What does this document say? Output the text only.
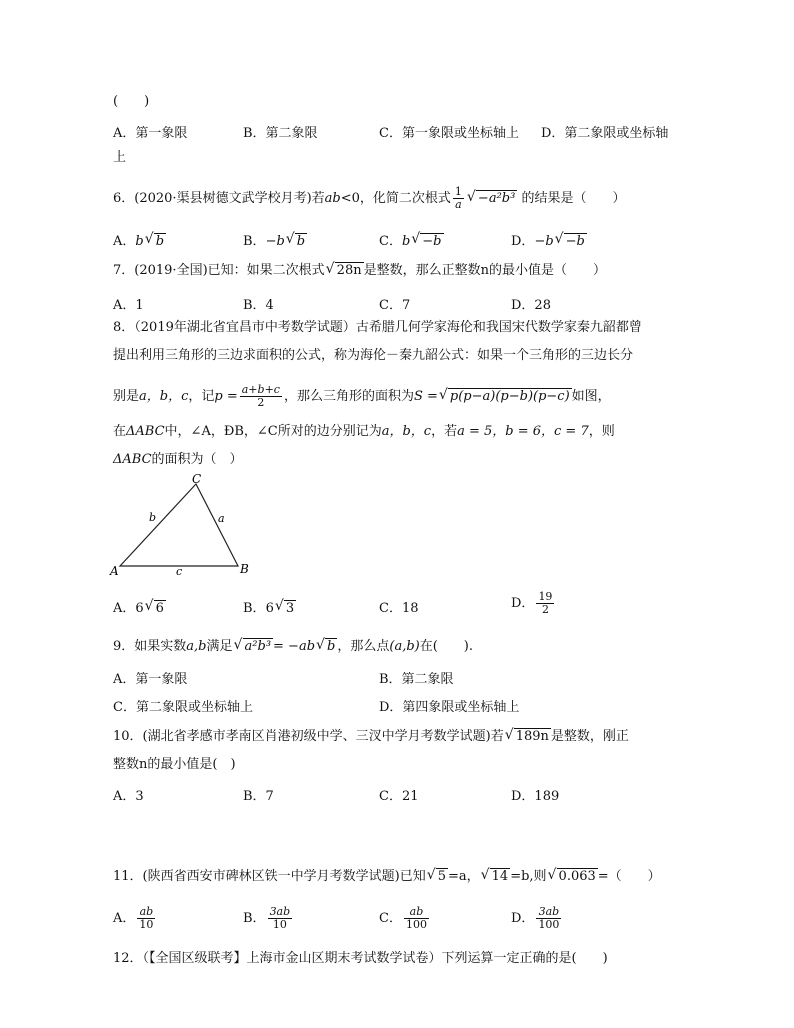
(　　)
A．第一象限	B．第二象限	C．第一象限或坐标轴上 D．第二象限或坐标轴
上
6．(2020·渠县树德文武学校月考)若ab<0，化简二次根式 $\frac{1}{a}$ √ −a²b³ 的结果是（　　）
A．b √ b	B．−b √ b	C．b √ −b	D．−b √ −b
7．(2019·全国)已知：如果二次根式 √ 28n 是整数，那么正整数n的最小值是（　　）
A．1	B．4	C．7	D．28
8．（2019年湖北省宜昌市中考数学试题）古希腊几何学家海伦和我国宋代数学家秦九韶都曾
提出利用三角形的三边求面积的公式，称为海伦－秦九韶公式：如果一个三角形的三边长分
别是a，b，c，记$p = \frac{a+b+c}{2}$ ，那么三角形的面积为S = √ p(p−a)(p−b)(p−c) 如图，
在ΔABC中，∠A，ÐB，∠C所对的边分别记为a，b，c，若a = 5，b = 6，c = 7，则
ΔABC的面积为（　）
C
A	B
a
b
c
A．6 √ 6	B．6 √ 3	C．18	D． $\frac{19}{2}$
9．如果实数a,b满足 √ a²b³ = −ab √ b ，那么点(a,b)在(　　).
A．第一象限	B．第二象限
C．第二象限或坐标轴上	D．第四象限或坐标轴上
10．(湖北省孝感市孝南区肖港初级中学、三汊中学月考数学试题)若 √ 189n 是整数，刚正
整数n的最小值是(　)
A．3	B．7	C．21	D．189
11．(陕西省西安市碑林区铁一中学月考数学试题)已知 √ 5 =a， √ 14 =b,则 √ 0.063 =（　　）
A． $\frac{ab}{10}$	B． $\frac{3ab}{10}$	C． $\frac{ab}{100}$	D． $\frac{3ab}{100}$
12．（【全国区级联考】上海市金山区期末考试数学试卷）下列运算一定正确的是(　　)
